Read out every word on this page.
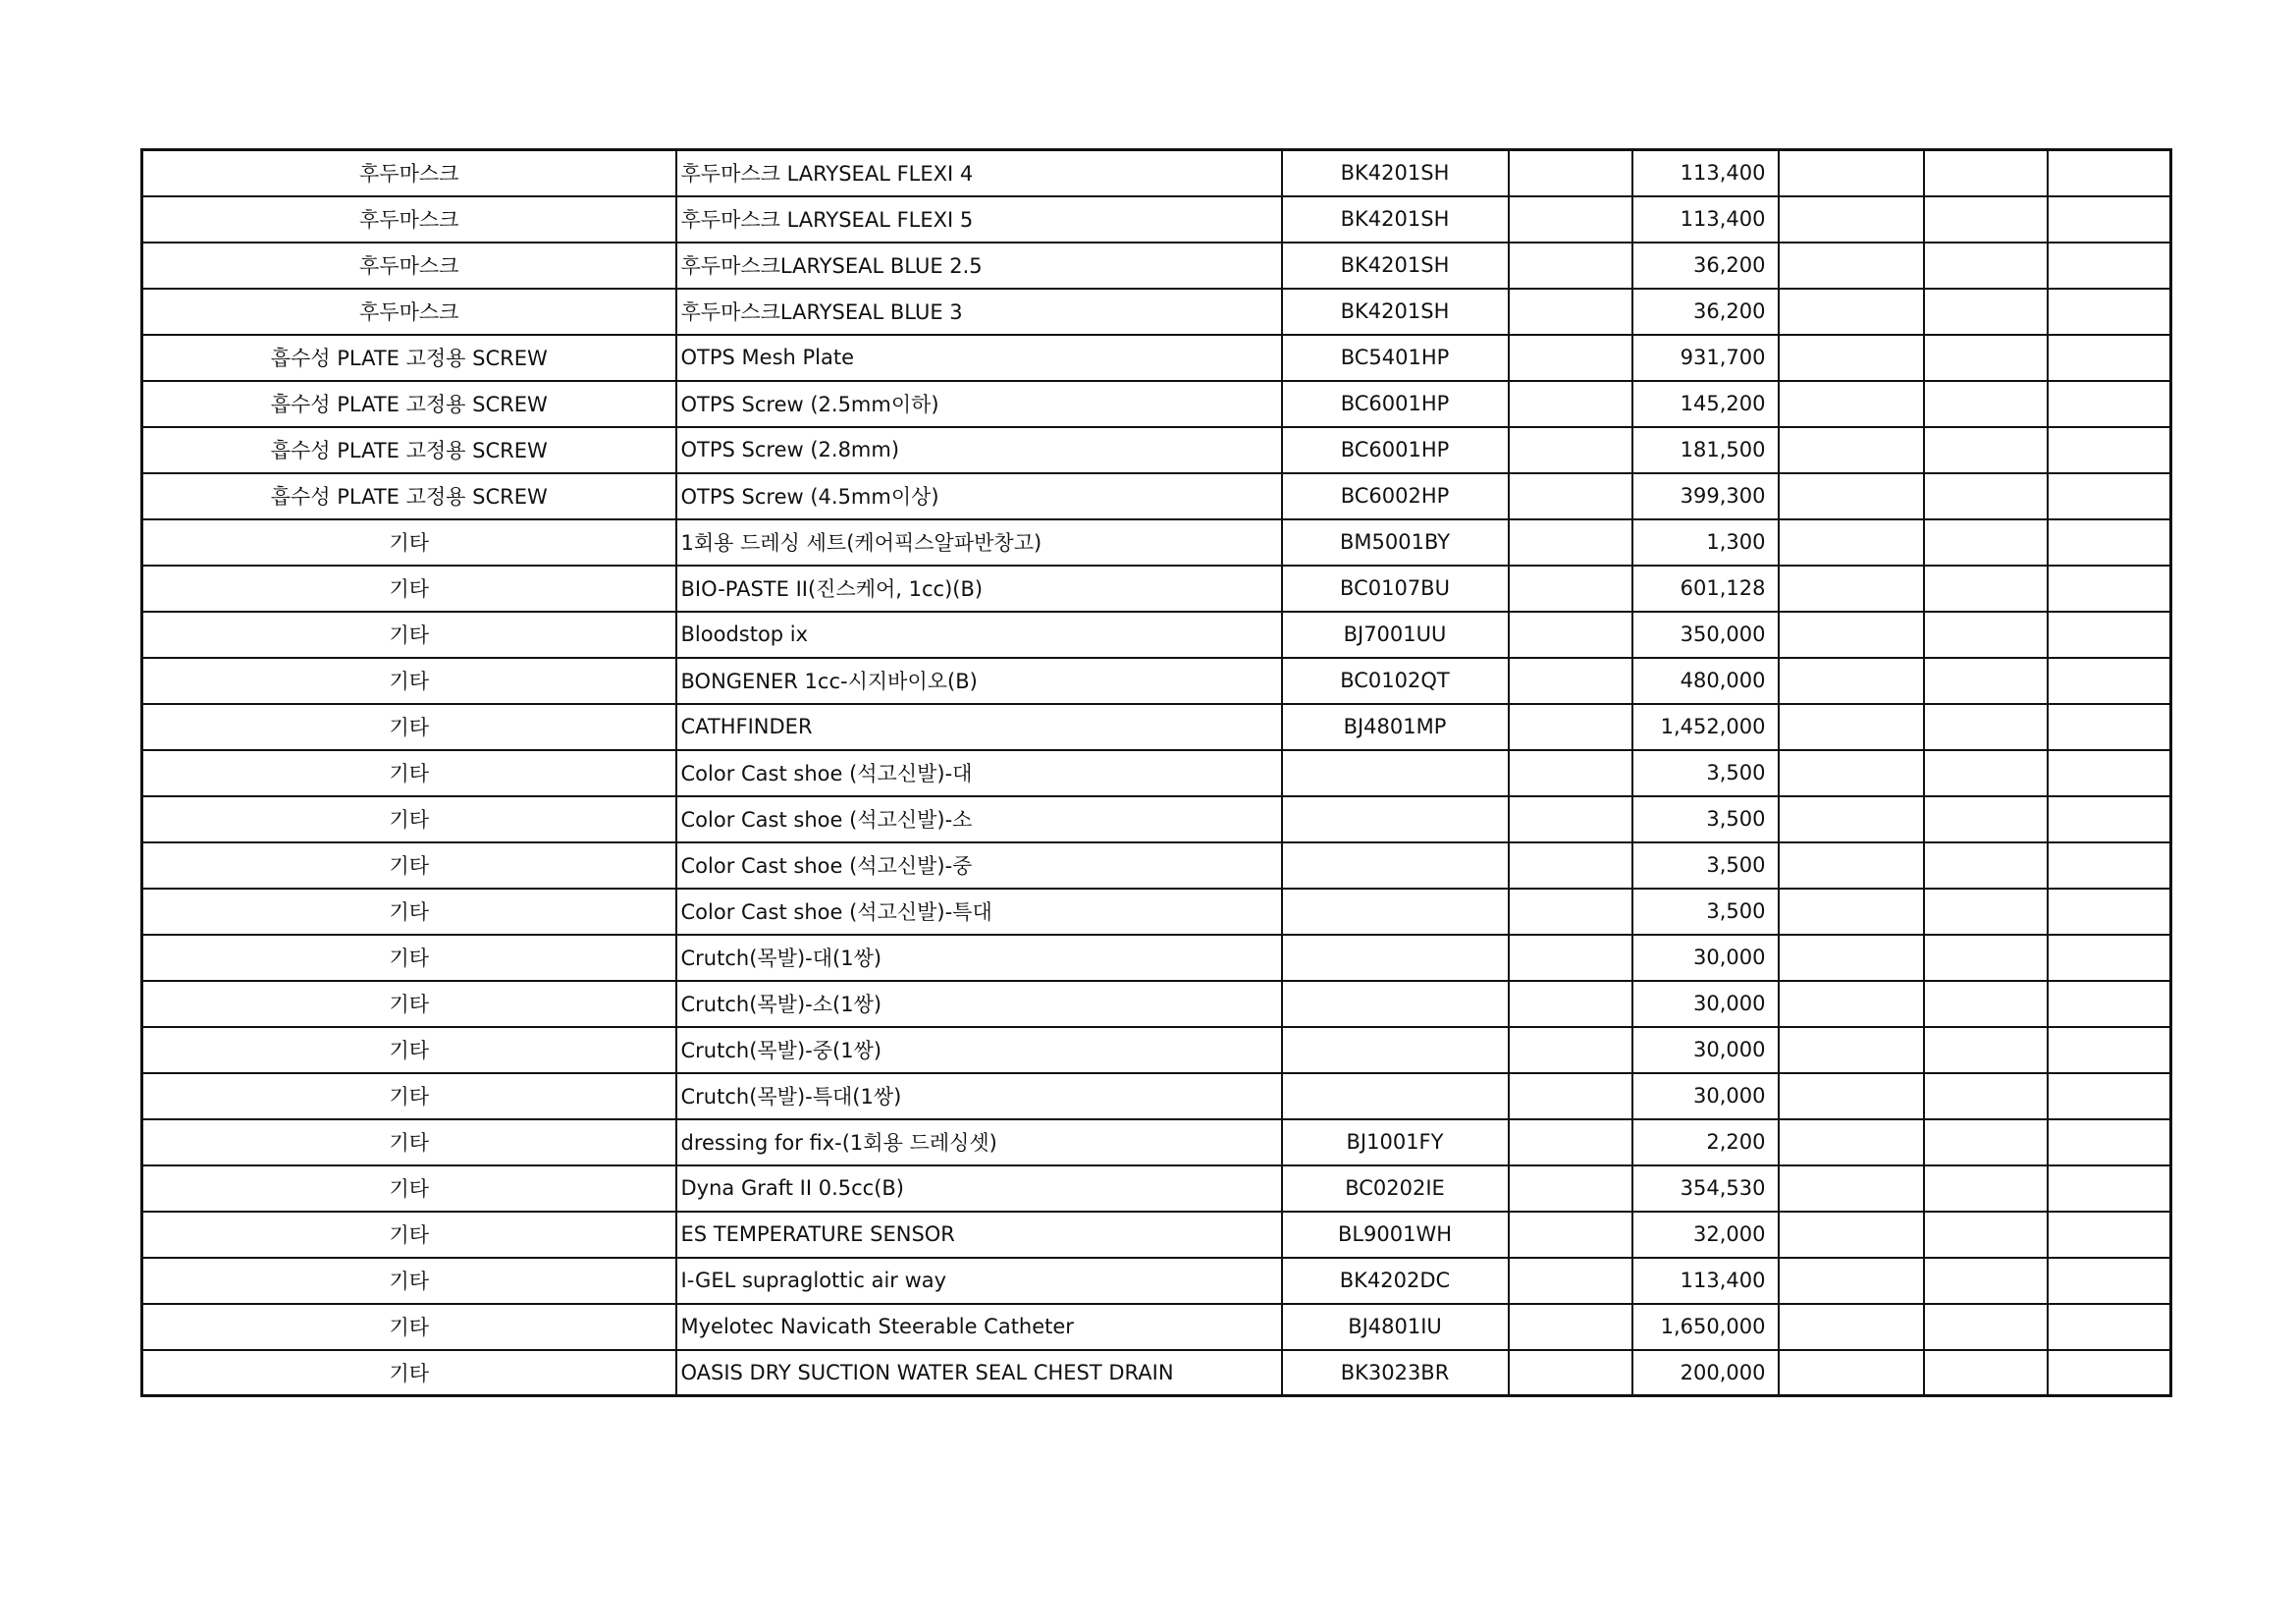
후두마스크	후두마스크 LARYSEAL FLEXI 4	BK4201SH		113,400			
후두마스크	후두마스크 LARYSEAL FLEXI 5	BK4201SH		113,400			
후두마스크	후두마스크LARYSEAL BLUE 2.5	BK4201SH		36,200			
후두마스크	후두마스크LARYSEAL BLUE 3	BK4201SH		36,200			
흡수성 PLATE 고정용 SCREW	OTPS Mesh Plate	BC5401HP		931,700			
흡수성 PLATE 고정용 SCREW	OTPS Screw (2.5mm이하)	BC6001HP		145,200			
흡수성 PLATE 고정용 SCREW	OTPS Screw (2.8mm)	BC6001HP		181,500			
흡수성 PLATE 고정용 SCREW	OTPS Screw (4.5mm이상)	BC6002HP		399,300			
기타	1회용 드레싱 세트(케어픽스알파반창고)	BM5001BY		1,300			
기타	BIO-PASTE II(진스케어, 1cc)(B)	BC0107BU		601,128			
기타	Bloodstop ix	BJ7001UU		350,000			
기타	BONGENER 1cc-시지바이오(B)	BC0102QT		480,000			
기타	CATHFINDER	BJ4801MP		1,452,000			
기타	Color Cast shoe (석고신발)-대			3,500			
기타	Color Cast shoe (석고신발)-소			3,500			
기타	Color Cast shoe (석고신발)-중			3,500			
기타	Color Cast shoe (석고신발)-특대			3,500			
기타	Crutch(목발)-대(1쌍)			30,000			
기타	Crutch(목발)-소(1쌍)			30,000			
기타	Crutch(목발)-중(1쌍)			30,000			
기타	Crutch(목발)-특대(1쌍)			30,000			
기타	dressing for fix-(1회용 드레싱셋)	BJ1001FY		2,200			
기타	Dyna Graft II 0.5cc(B)	BC0202IE		354,530			
기타	ES TEMPERATURE SENSOR	BL9001WH		32,000			
기타	I-GEL supraglottic air way	BK4202DC		113,400			
기타	Myelotec Navicath Steerable Catheter	BJ4801IU		1,650,000			
기타	OASIS DRY SUCTION WATER SEAL CHEST DRAIN	BK3023BR		200,000			
